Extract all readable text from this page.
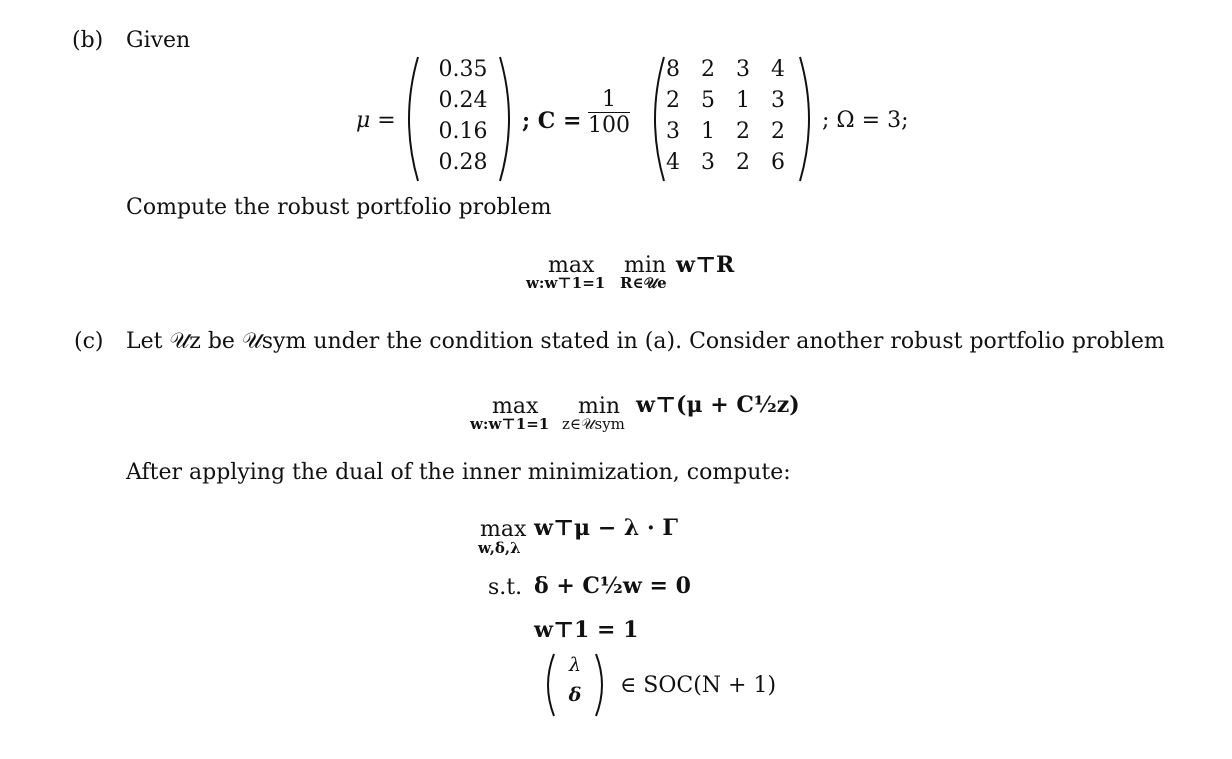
(b) Given
μ =
0.35
0.24
0.16
0.28
; $C = \frac{1}{100}$
8 2 3 4
2 5 1 3
3 1 2 2
4 3 2 6
; Ω = 3;
Compute the robust portfolio problem
max
w:w⊤1=1
min
R∈𝒰e
w⊤R
(c) Let 𝒰z be 𝒰sym under the condition stated in (a). Consider another robust portfolio problem
max
w:w⊤1=1
min
z∈𝒰sym
w⊤(μ + C½z)
After applying the dual of the inner minimization, compute:
max
w,δ,λ
w⊤μ − λ · Γ
s.t. δ + C½w = 0
w⊤1 = 1
λ
δ	∈ SOC(N + 1)
